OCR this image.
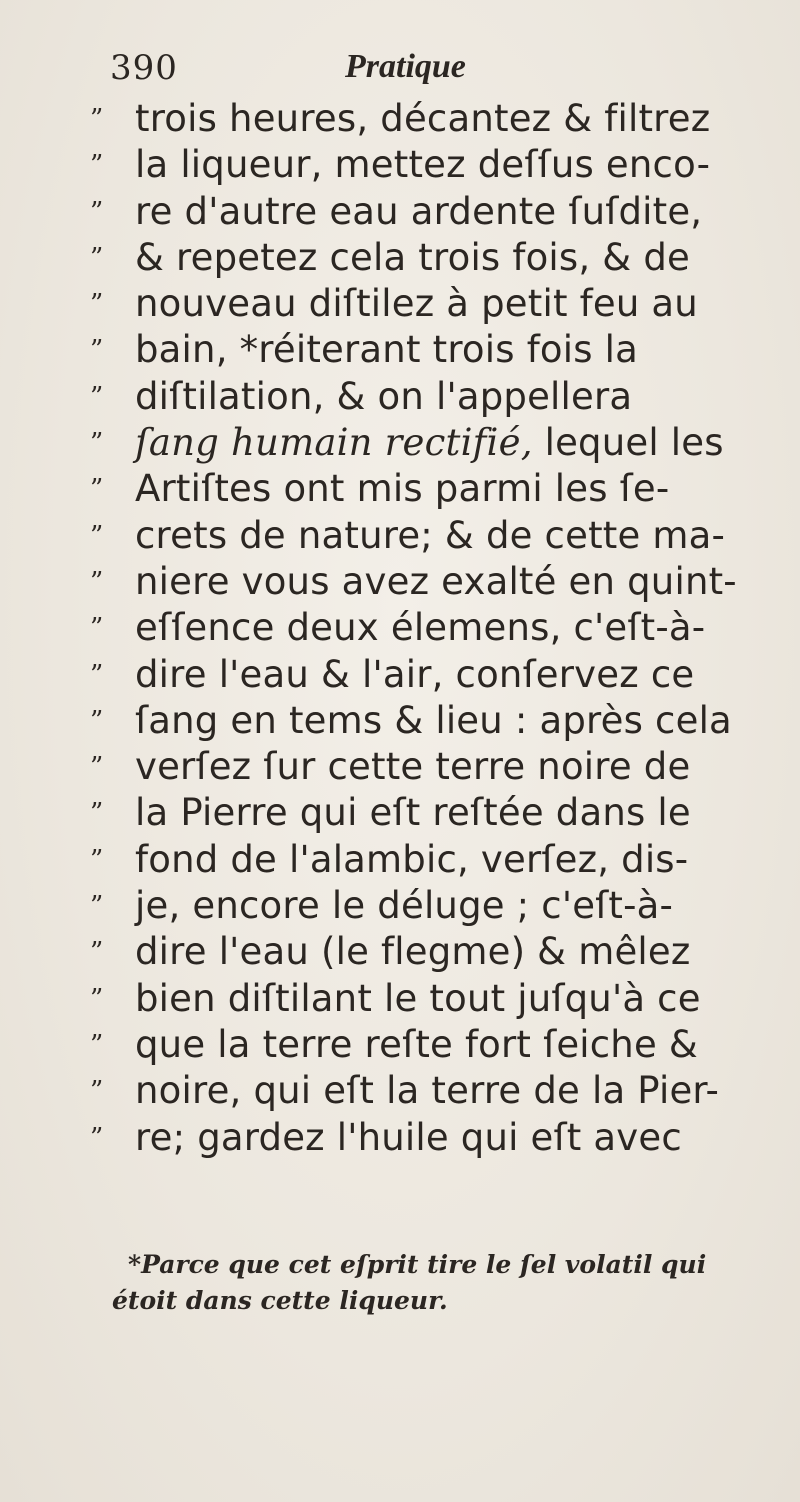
390	Pratique
” trois heures, décantez & filtrez
” la liqueur, mettez deſſus enco-
” re d'autre eau ardente ſuſdite,
” & repetez cela trois fois, & de
” nouveau diſtilez à petit feu au
” bain, *réiterant trois fois la
” diſtilation, & on l'appellera
” ſang humain rectifié, lequel les
” Artiſtes ont mis parmi les ſe-
” crets de nature; & de cette ma-
” niere vous avez exalté en quint-
” eſſence deux élemens, c'eſt-à-
” dire l'eau & l'air, conſervez ce
” ſang en tems & lieu : après cela
” verſez ſur cette terre noire de
” la Pierre qui eſt reſtée dans le
” fond de l'alambic, verſez, dis-
” je, encore le déluge ; c'eſt-à-
” dire l'eau (le flegme) & mêlez
” bien diſtilant le tout juſqu'à ce
” que la terre reſte fort ſeiche &
” noire, qui eſt la terre de la Pier-
” re; gardez l'huile qui eſt avec
*Parce que cet eſprit tire le ſel volatil qui
étoit dans cette liqueur.
